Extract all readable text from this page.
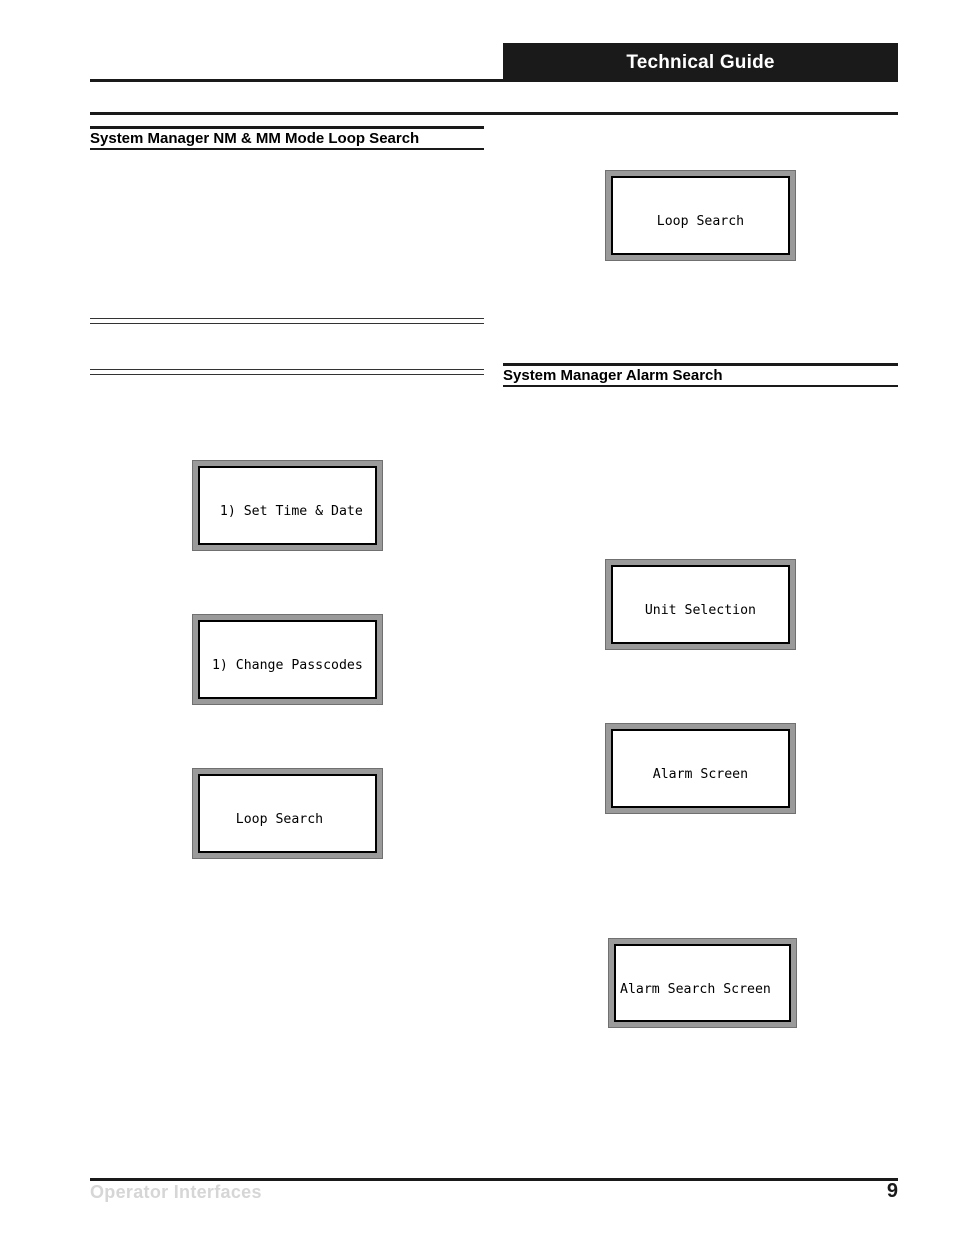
Technical Guide
System Manager NM & MM Mode Loop Search
System Manager Alarm Search

1) Set Time & Date

1) Change Passcodes

Loop Search

Loop Search

Unit Selection

Alarm Screen

Alarm Search Screen

Operator Interfaces	9
